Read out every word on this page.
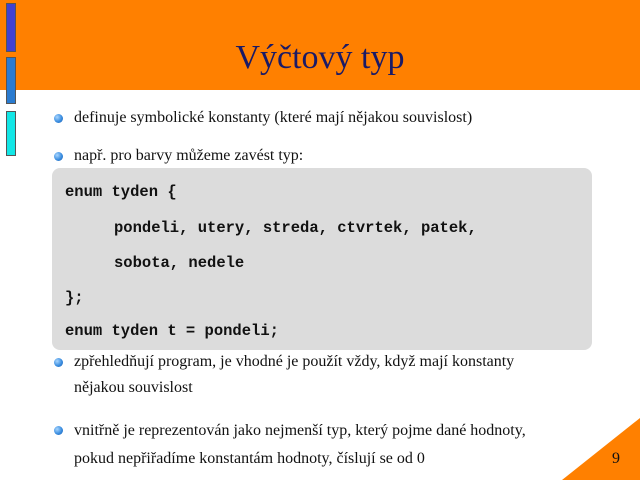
Výčtový typ
definuje symbolické konstanty (které mají nějakou souvislost)
např. pro barvy můžeme zavést typ:
enum tyden {
pondeli, utery, streda, ctvrtek, patek,
sobota, nedele
};
enum tyden t = pondeli;
zpřehledňují program, je vhodné je použít vždy, když mají konstanty
nějakou souvislost
vnitřně je reprezentován jako nejmenší typ, který pojme dané hodnoty,
pokud nepřiřadíme konstantám hodnoty, číslují se od 0	9
